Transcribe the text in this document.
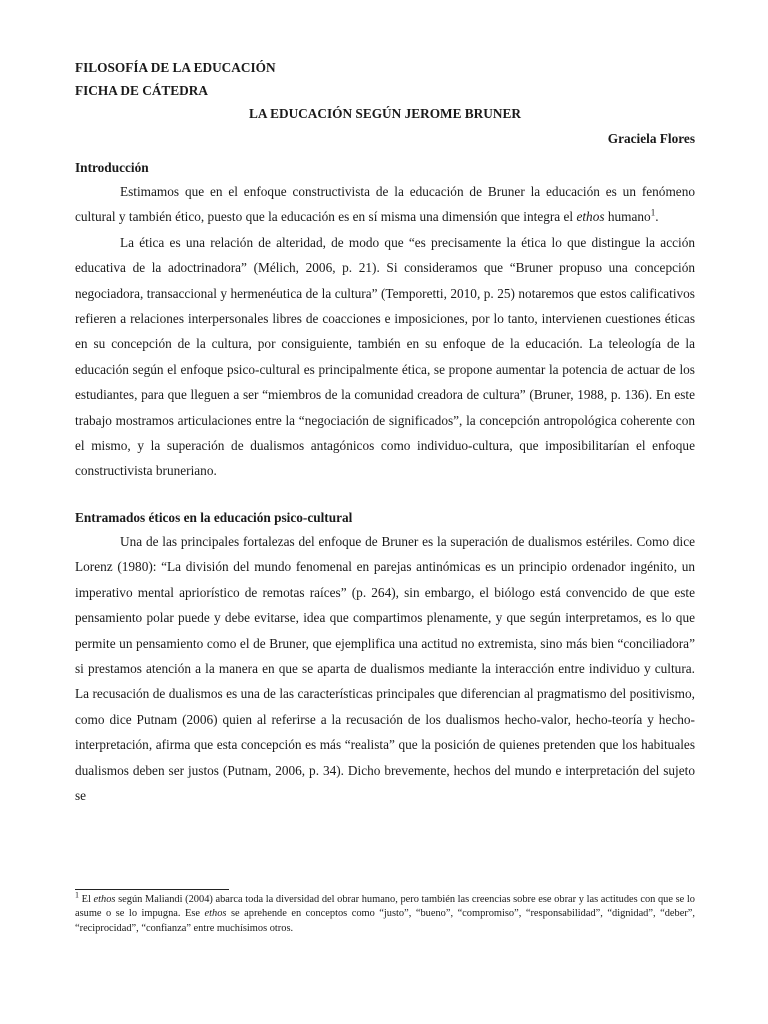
FILOSOFÍA DE LA EDUCACIÓN
FICHA DE CÁTEDRA
LA EDUCACIÓN SEGÚN JEROME BRUNER
Graciela Flores
Introducción

Estimamos que en el enfoque constructivista de la educación de Bruner la educación es un fenómeno cultural y también ético, puesto que la educación es en sí misma una dimensión que integra el ethos humano$^1$.

La ética es una relación de alteridad, de modo que “es precisamente la ética lo que distingue la acción educativa de la adoctrinadora” (Mélich, 2006, p. 21). Si consideramos que “Bruner propuso una concepción negociadora, transaccional y hermenéutica de la cultura” (Temporetti, 2010, p. 25) notaremos que estos calificativos refieren a relaciones interpersonales libres de coacciones e imposiciones, por lo tanto, intervienen cuestiones éticas en su concepción de la cultura, por consiguiente, también en su enfoque de la educación. La teleología de la educación según el enfoque psico-cultural es principalmente ética, se propone aumentar la potencia de actuar de los estudiantes, para que lleguen a ser “miembros de la comunidad creadora de cultura” (Bruner, 1988, p. 136). En este trabajo mostramos articulaciones entre la “negociación de significados”, la concepción antropológica coherente con el mismo, y la superación de dualismos antagónicos como individuo-cultura, que imposibilitarían el enfoque constructivista bruneriano.

Entramados éticos en la educación psico-cultural

Una de las principales fortalezas del enfoque de Bruner es la superación de dualismos estériles. Como dice Lorenz (1980): “La división del mundo fenomenal en parejas antinómicas es un principio ordenador ingénito, un imperativo mental apriorístico de remotas raíces” (p. 264), sin embargo, el biólogo está convencido de que este pensamiento polar puede y debe evitarse, idea que compartimos plenamente, y que según interpretamos, es lo que permite un pensamiento como el de Bruner, que ejemplifica una actitud no extremista, sino más bien “conciliadora” si prestamos atención a la manera en que se aparta de dualismos mediante la interacción entre individuo y cultura. La recusación de dualismos es una de las características principales que diferencian al pragmatismo del positivismo, como dice Putnam (2006) quien al referirse a la recusación de los dualismos hecho-valor, hecho-teoría y hecho-interpretación, afirma que esta concepción es más “realista” que la posición de quienes pretenden que los habituales dualismos deben ser justos (Putnam, 2006, p. 34). Dicho brevemente, hechos del mundo e interpretación del sujeto se

$^1$ El ethos según Maliandi (2004) abarca toda la diversidad del obrar humano, pero también las creencias sobre ese obrar y las actitudes con que se lo asume o se lo impugna. Ese ethos se aprehende en conceptos como “justo”, “bueno”, “compromiso”, “responsabilidad”, “dignidad”, “deber”, “reciprocidad”, “confianza” entre muchísimos otros.
